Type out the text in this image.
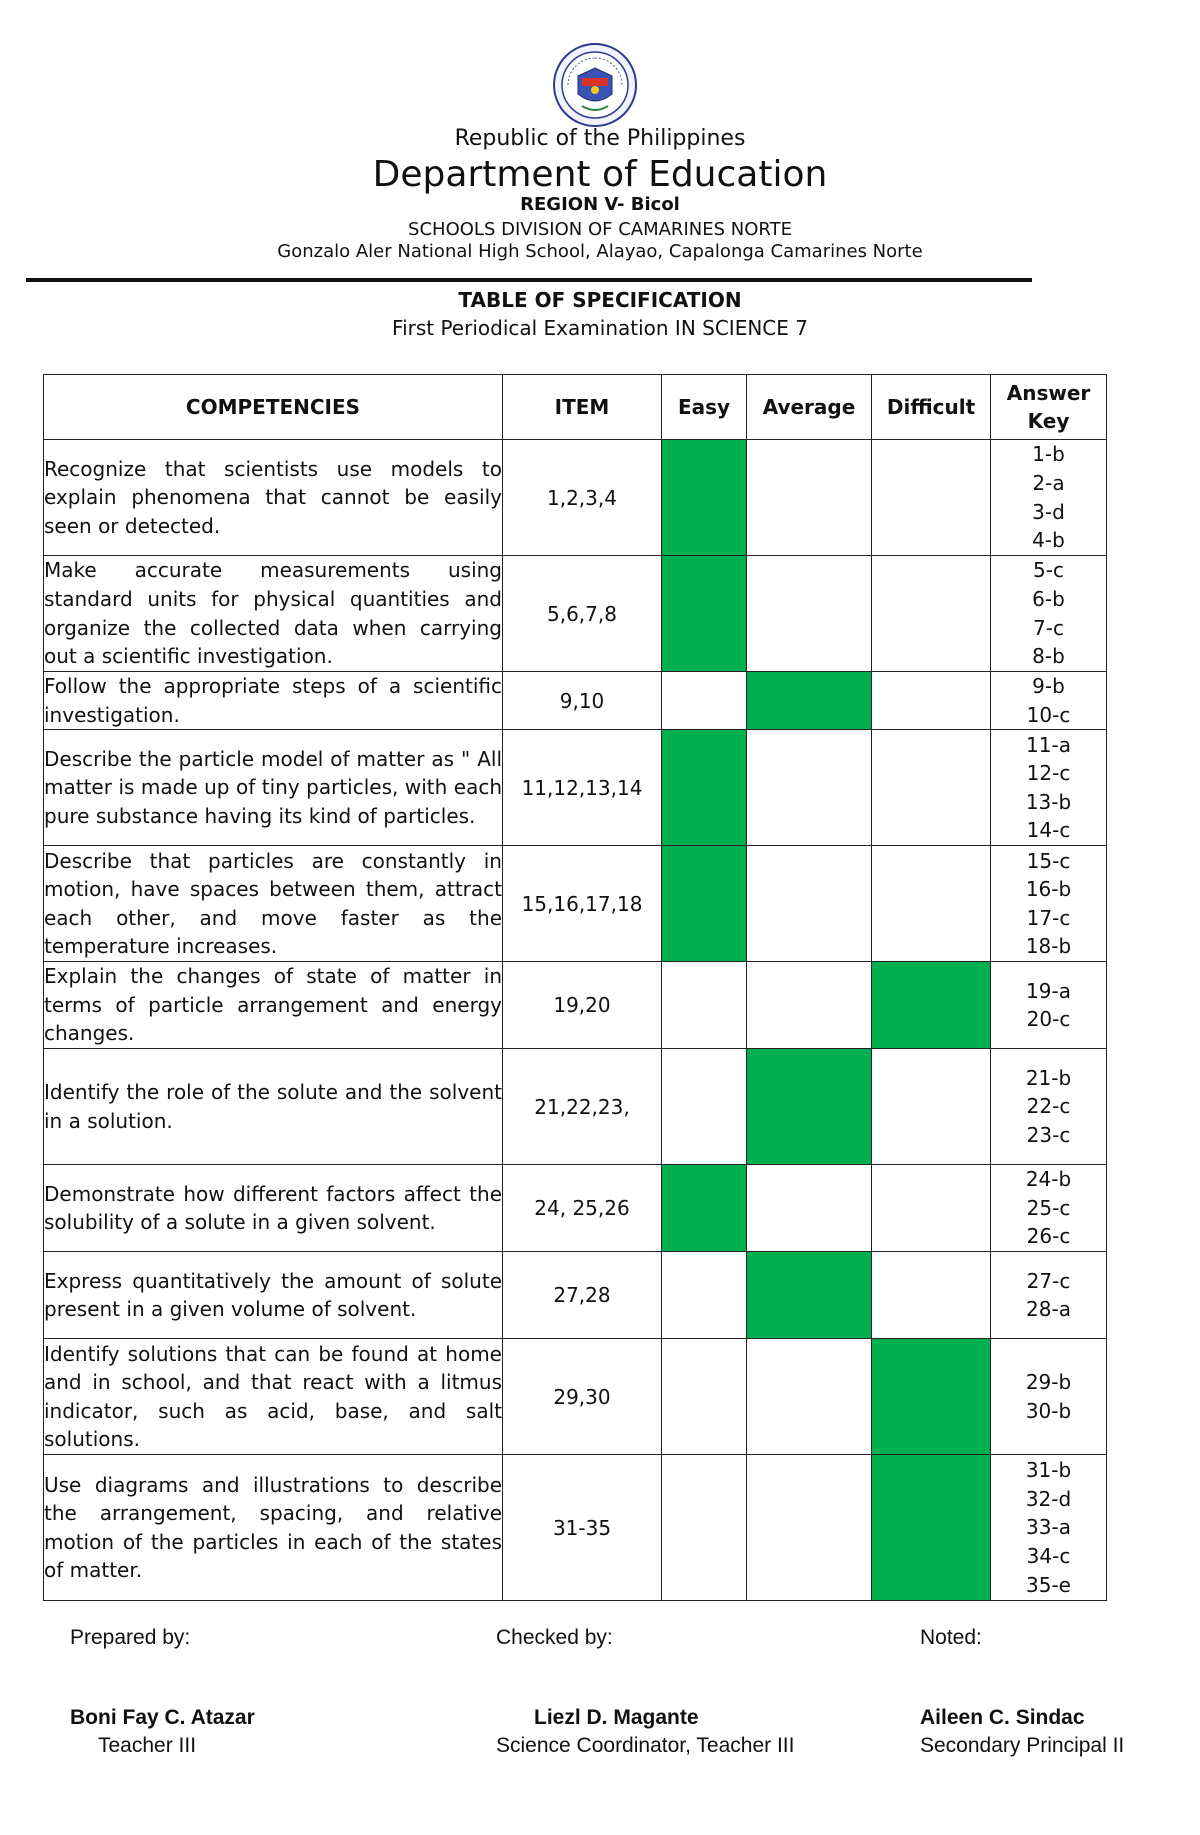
Republic of the Philippines
Department of Education
REGION V- Bicol
SCHOOLS DIVISION OF CAMARINES NORTE
Gonzalo Aler National High School, Alayao, Capalonga Camarines Norte
TABLE OF SPECIFICATION
First Periodical Examination IN SCIENCE 7
COMPETENCIES	ITEM	Easy	Average	Difficult	Answer Key
Recognize that scientists use models to explain phenomena that cannot be easily seen or detected.	1,2,3,4				1-b
2-a
3-d
4-b

Make accurate measurements using standard units for physical quantities and organize the collected data when carrying out a scientific investigation.	5,6,7,8				5-c
6-b
7-c
8-b

Follow the appropriate steps of a scientific investigation.	9,10				9-b
10-c

Describe the particle model of matter as " All matter is made up of tiny particles, with each pure substance having its kind of particles.	11,12,13,14				11-a
12-c
13-b
14-c

Describe that particles are constantly in motion, have spaces between them, attract each other, and move faster as the temperature increases.	15,16,17,18				15-c
16-b
17-c
18-b

Explain the changes of state of matter in terms of particle arrangement and energy changes.	19,20				19-a
20-c

Identify the role of the solute and the solvent in a solution.	21,22,23,				21-b
22-c
23-c

Demonstrate how different factors affect the solubility of a solute in a given solvent.	24, 25,26				24-b
25-c
26-c

Express quantitatively the amount of solute present in a given volume of solvent.	27,28				27-c
28-a

Identify solutions that can be found at home and in school, and that react with a litmus indicator, such as acid, base, and salt solutions.	29,30				29-b
30-b

Use diagrams and illustrations to describe the arrangement, spacing, and relative motion of the particles in each of the states of matter.	31-35				31-b
32-d
33-a
34-c
35-e
Prepared by:	Checked by:	Noted:
Boni Fay C. Atazar	Liezl D. Magante	Aileen C. Sindac
Teacher III	Science Coordinator, Teacher III	Secondary Principal II
